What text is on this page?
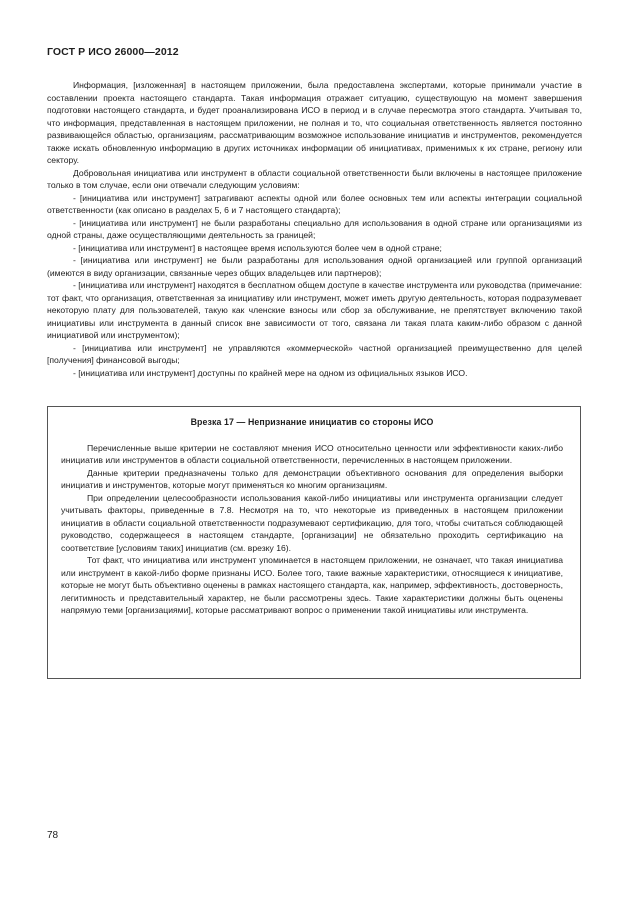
ГОСТ Р ИСО 26000—2012

Информация, [изложенная] в настоящем приложении, была предоставлена экспертами, которые принимали участие в составлении проекта настоящего стандарта. Такая информация отражает ситуацию, существующую на момент завершения подготовки настоящего стандарта, и будет проанализирована ИСО в период и в случае пересмотра этого стандарта. Учитывая то, что информация, представленная в настоящем приложении, не полная и то, что социальная ответственность является постоянно развивающейся областью, организациям, рассматривающим возможное использование инициатив и инструментов, рекомендуется также искать обновленную информацию в других источниках информации об инициативах, применимых к их стране, региону или сектору.

Добровольная инициатива или инструмент в области социальной ответственности были включены в настоящее приложение только в том случае, если они отвечали следующим условиям:

- [инициатива или инструмент] затрагивают аспекты одной или более основных тем или аспекты интеграции социальной ответственности (как описано в разделах 5, 6 и 7 настоящего стандарта);

- [инициатива или инструмент] не были разработаны специально для использования в одной стране или организациями из одной страны, даже осуществляющими деятельность за границей;

- [инициатива или инструмент] в настоящее время используются более чем в одной стране;

- [инициатива или инструмент] не были разработаны для использования одной организацией или группой организаций (имеются в виду организации, связанные через общих владельцев или партнеров);

- [инициатива или инструмент] находятся в бесплатном общем доступе в качестве инструмента или руководства (примечание: тот факт, что организация, ответственная за инициативу или инструмент, может иметь другую деятельность, которая подразумевает некоторую плату для пользователей, такую как членские взносы или сбор за обслуживание, не препятствует включению такой инициативы или инструмента в данный список вне зависимости от того, связана ли такая плата каким-либо образом с данной инициативой или инструментом);

- [инициатива или инструмент] не управляются «коммерческой» частной организацией преимущественно для целей [получения] финансовой выгоды;

- [инициатива или инструмент] доступны по крайней мере на одном из официальных языков ИСО.

Врезка 17 — Непризнание инициатив со стороны ИСО

Перечисленные выше критерии не составляют мнения ИСО относительно ценности или эффективности каких-либо инициатив или инструментов в области социальной ответственности, перечисленных в настоящем приложении.

Данные критерии предназначены только для демонстрации объективного основания для определения выборки инициатив и инструментов, которые могут применяться ко многим организациям.

При определении целесообразности использования какой-либо инициативы или инструмента организации следует учитывать факторы, приведенные в 7.8. Несмотря на то, что некоторые из приведенных в настоящем приложении инициатив в области социальной ответственности подразумевают сертификацию, для того, чтобы считаться соблюдающей руководство, содержащееся в настоящем стандарте, [организации] не обязательно проходить сертификацию на соответствие [условиям таких] инициатив (см. врезку 16).

Тот факт, что инициатива или инструмент упоминается в настоящем приложении, не означает, что такая инициатива или инструмент в какой-либо форме признаны ИСО. Более того, такие важные характеристики, относящиеся к инициативе, которые не могут быть объективно оценены в рамках настоящего стандарта, как, например, эффективность, достоверность, легитимность и представительный характер, не были рассмотрены здесь. Такие характеристики должны быть оценены напрямую теми [организациями], которые рассматривают вопрос о применении такой инициативы или инструмента.

78
